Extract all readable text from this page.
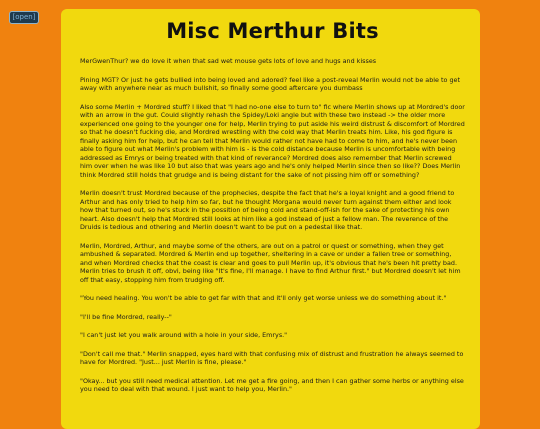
[open]
Misc Merthur Bits

MerGwenThur? we do love it when that sad wet mouse gets lots of love and hugs and kisses

Pining MGT? Or just he gets bullied into being loved and adored? feel like a post-reveal Merlin would not be able to get away with anywhere near as much bullshit, so finally some good aftercare you dumbass

Also some Merlin + Mordred stuff? I liked that "I had no-one else to turn to" fic where Merlin shows up at Mordred's door with an arrow in the gut. Could slightly rehash the Spidey/Loki angle but with these two instead -> the older more experienced one going to the younger one for help, Merlin trying to put aside his weird distrust & discomfort of Mordred so that he doesn't fucking die, and Mordred wrestling with the cold way that Merlin treats him. Like, his god figure is finally asking him for help, but he can tell that Merlin would rather not have had to come to him, and he's never been able to figure out what Merlin's problem with him is - is the cold distance because Merlin is uncomfortable with being addressed as Emrys or being treated with that kind of reverance? Mordred does also remember that Merlin screwed him over when he was like 10 but also that was years ago and he's only helped Merlin since then so like?? Does Merlin think Mordred still holds that grudge and is being distant for the sake of not pissing him off or something?

Merlin doesn't trust Mordred because of the prophecies, despite the fact that he's a loyal knight and a good friend to Arthur and has only tried to help him so far, but he thought Morgana would never turn against them either and look how that turned out, so he's stuck in the possition of being cold and stand-off-ish for the sake of protecting his own heart. Also doesn't help that Mordred still looks at him like a god instead of just a fellow man. The reverence of the Druids is tedious and othering and Merlin doesn't want to be put on a pedestal like that.

Merlin, Mordred, Arthur, and maybe some of the others, are out on a patrol or quest or something, when they get ambushed & separated. Mordred & Merlin end up together, sheltering in a cave or under a fallen tree or something, and when Mordred checks that the coast is clear and goes to pull Merlin up, it's obvious that he's been hit pretty bad. Merlin tries to brush it off, obvi, being like "It's fine, I'll manage. I have to find Arthur first." but Mordred doesn't let him off that easy, stopping him from trudging off.

"You need healing. You won't be able to get far with that and it'll only get worse unless we do something about it."

"I'll be fine Mordred, really--"

"I can't just let you walk around with a hole in your side, Emrys."

"Don't call me that." Merlin snapped, eyes hard with that confusing mix of distrust and frustration he always seemed to have for Mordred. "Just... just Merlin is fine, please."

"Okay... but you still need medical attention. Let me get a fire going, and then I can gather some herbs or anything else you need to deal with that wound. I just want to help you, Merlin."
